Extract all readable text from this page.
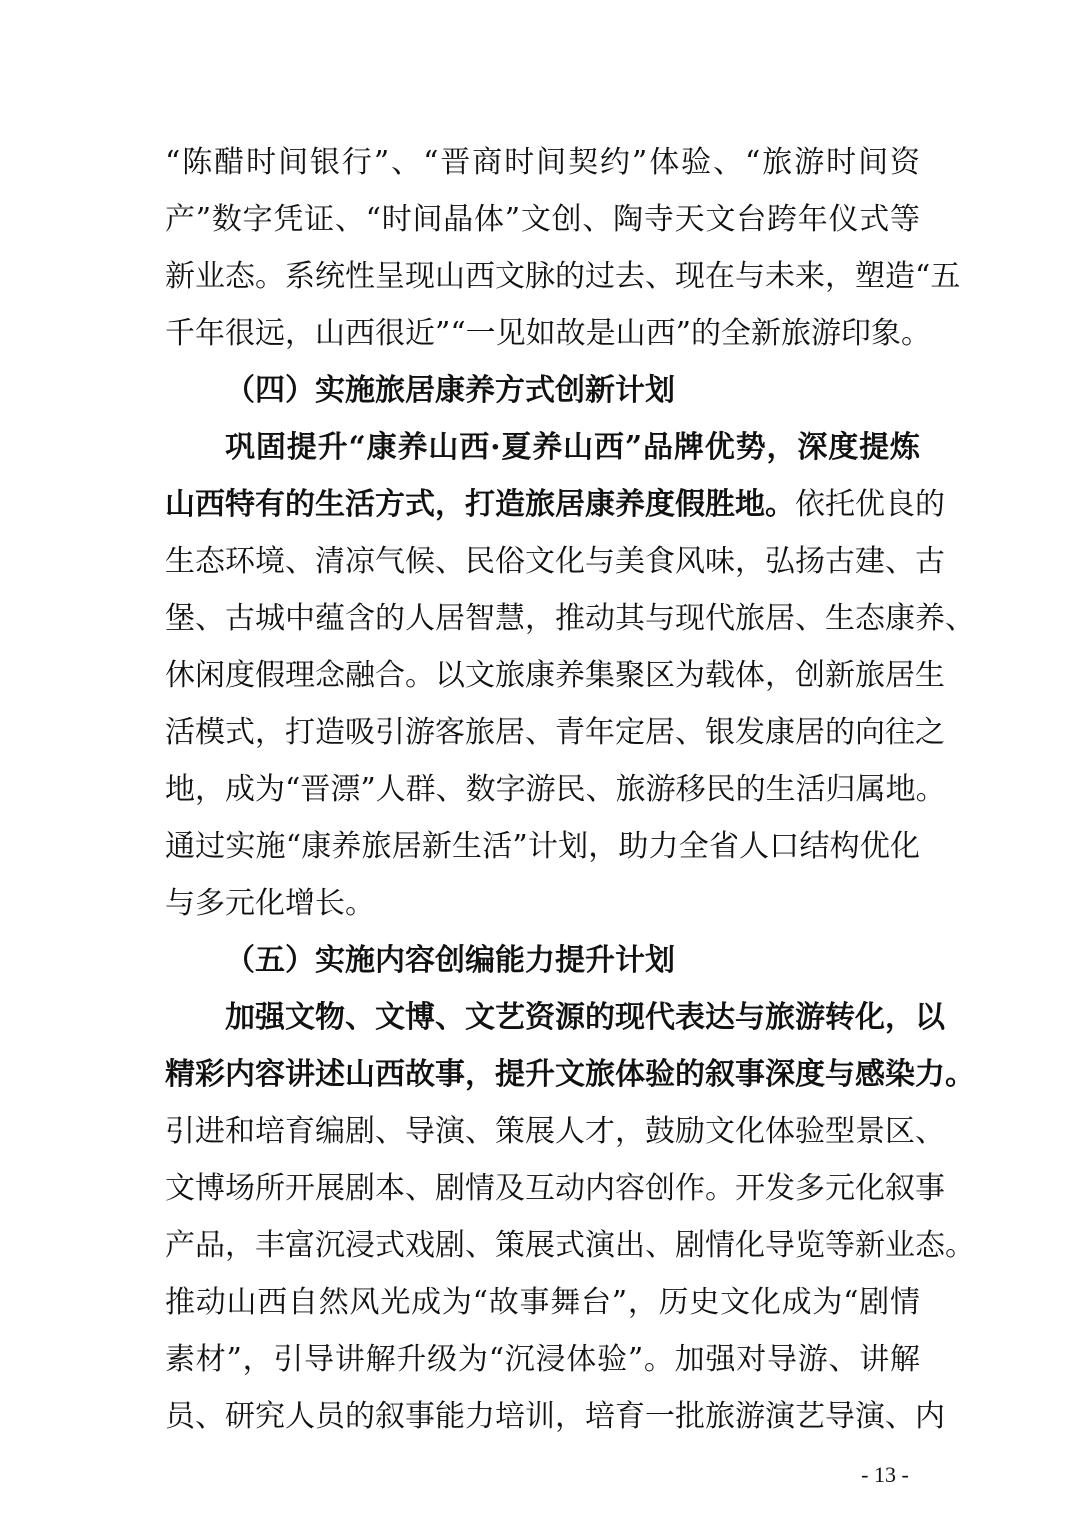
“陈醋时间银行”、“晋商时间契约”体验、“旅游时间资
产”数字凭证、“时间晶体”文创、陶寺天文台跨年仪式等
新业态。系统性呈现山西文脉的过去、现在与未来，塑造“五
千年很远，山西很近”“一见如故是山西”的全新旅游印象。
（四）实施旅居康养方式创新计划
巩固提升“康养山西·夏养山西”品牌优势，深度提炼
山西特有的生活方式，打造旅居康养度假胜地。依托优良的
生态环境、清凉气候、民俗文化与美食风味，弘扬古建、古
堡、古城中蕴含的人居智慧，推动其与现代旅居、生态康养、
休闲度假理念融合。以文旅康养集聚区为载体，创新旅居生
活模式，打造吸引游客旅居、青年定居、银发康居的向往之
地，成为“晋漂”人群、数字游民、旅游移民的生活归属地。
通过实施“康养旅居新生活”计划，助力全省人口结构优化
与多元化增长。
（五）实施内容创编能力提升计划
加强文物、文博、文艺资源的现代表达与旅游转化，以
精彩内容讲述山西故事，提升文旅体验的叙事深度与感染力。
引进和培育编剧、导演、策展人才，鼓励文化体验型景区、
文博场所开展剧本、剧情及互动内容创作。开发多元化叙事
产品，丰富沉浸式戏剧、策展式演出、剧情化导览等新业态。
推动山西自然风光成为“故事舞台”，历史文化成为“剧情
素材”，引导讲解升级为“沉浸体验”。加强对导游、讲解
员、研究人员的叙事能力培训，培育一批旅游演艺导演、内
- 13 -
